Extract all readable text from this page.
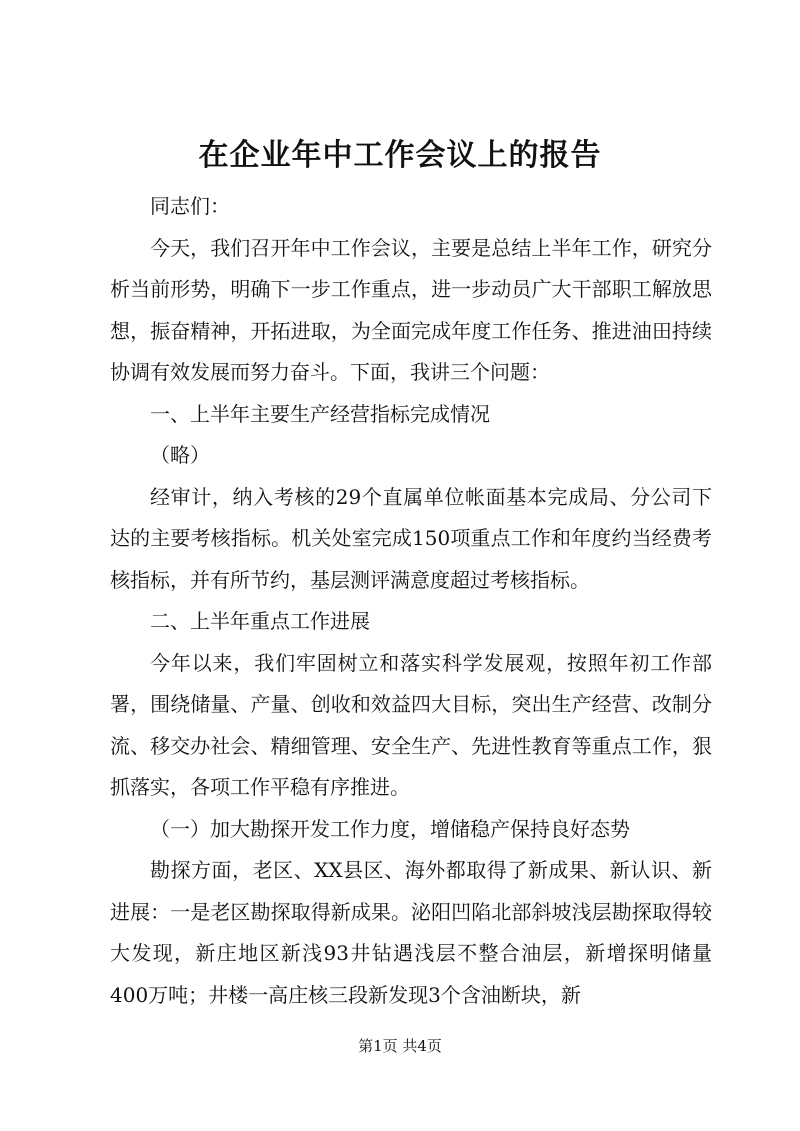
在企业年中工作会议上的报告

同志们：

今天，我们召开年中工作会议，主要是总结上半年工作，研究分析当前形势，明确下一步工作重点，进一步动员广大干部职工解放思想，振奋精神，开拓进取，为全面完成年度工作任务、推进油田持续协调有效发展而努力奋斗。下面，我讲三个问题：

一、上半年主要生产经营指标完成情况

（略）

经审计，纳入考核的29个直属单位帐面基本完成局、分公司下达的主要考核指标。机关处室完成150项重点工作和年度约当经费考核指标，并有所节约，基层测评满意度超过考核指标。

二、上半年重点工作进展

今年以来，我们牢固树立和落实科学发展观，按照年初工作部署，围绕储量、产量、创收和效益四大目标，突出生产经营、改制分流、移交办社会、精细管理、安全生产、先进性教育等重点工作，狠抓落实，各项工作平稳有序推进。

（一）加大勘探开发工作力度，增储稳产保持良好态势

勘探方面，老区、XX县区、海外都取得了新成果、新认识、新进展：一是老区勘探取得新成果。泌阳凹陷北部斜坡浅层勘探取得较大发现，新庄地区新浅93井钻遇浅层不整合油层，新增探明储量400万吨；井楼一高庄核三段新发现3个含油断块，新

第1页 共4页
